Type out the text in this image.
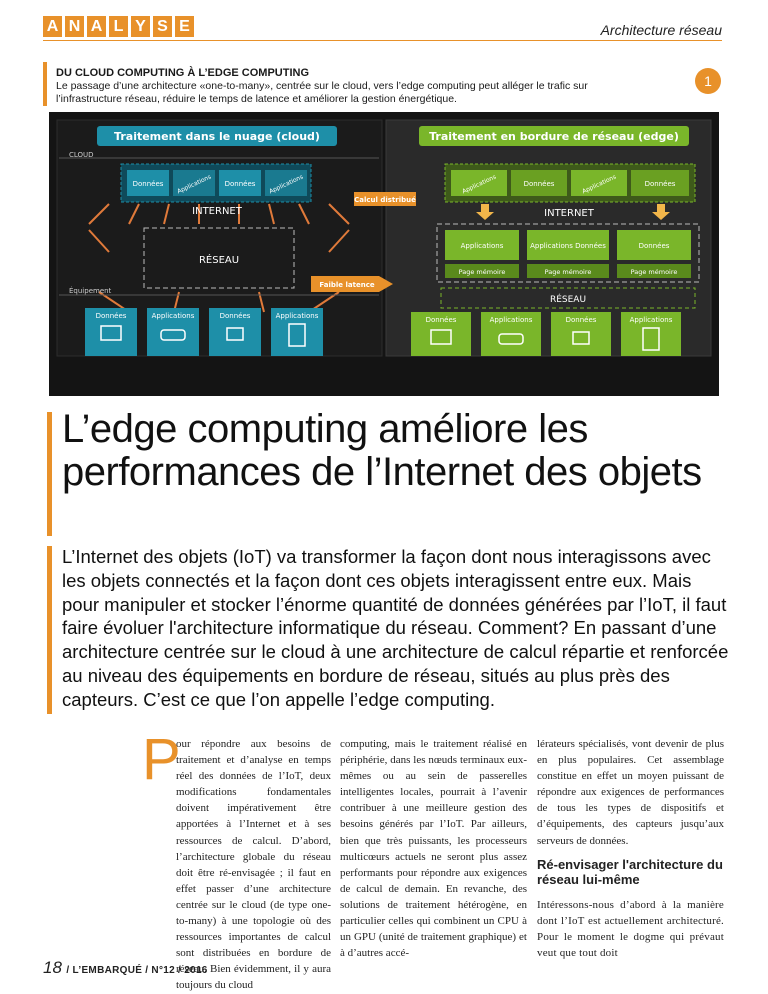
A N A L Y S E	Architecture réseau
DU CLOUD COMPUTING À L’EDGE COMPUTING
Le passage d’une architecture «one-to-many», centrée sur le cloud, vers l’edge computing peut alléger le trafic sur l’infrastructure réseau, réduire le temps de latence et améliorer la gestion énergétique.
1
Traitement dans le nuage (cloud)	Traitement en bordure de réseau (edge)
CLOUD
Données Applications Données Applications
INTERNET
RÉSEAU
Équipement
Calcul distribué
Faible latence
Données	Applications	Données	Applications
Applications	Données	Applications	Données
INTERNET
Applications	Applications Données	Données
Page mémoire	Page mémoire	Page mémoire
RÉSEAU
Données	Applications	Données	Applications
L’edge computing améliore les performances de l’Internet des objets

L’Internet des objets (IoT) va transformer la façon dont nous interagissons avec les objets connectés et la façon dont ces objets interagissent entre eux. Mais pour manipuler et stocker l’énorme quantité de données générées par l’IoT, il faut faire évoluer l'architecture informatique du réseau. Comment? En passant d’une architecture centrée sur le cloud à une architecture de calcul répartie et renforcée au niveau des équipements en bordure de réseau, situés au plus près des capteurs. C’est ce que l’on appelle l’edge computing.

P

our répondre aux besoins de traitement et d’analyse en temps réel des données de l’IoT, deux modifications fondamentales doivent impérativement être apportées à l’Internet et à ses ressources de calcul. D’abord, l’architecture globale du réseau doit être ré-envisagée ; il faut en effet passer d’une architecture centrée sur le cloud (de type one-to-many) à une topologie où des ressources importantes de calcul sont distribuées en bordure de réseau. Bien évidemment, il y aura toujours du cloud

computing, mais le traitement réalisé en périphérie, dans les nœuds terminaux eux-mêmes ou au sein de passerelles intelligentes locales, pourrait à l’avenir contribuer à une meilleure gestion des besoins générés par l’IoT. Par ailleurs, bien que très puissants, les processeurs multicœurs actuels ne seront plus assez performants pour répondre aux exigences de calcul de demain. En revanche, des solutions de traitement hétérogène, en particulier celles qui combinent un CPU à un GPU (unité de traitement graphique) et à d’autres accé-

lérateurs spécialisés, vont devenir de plus en plus populaires. Cet assemblage constitue en effet un moyen puissant de répondre aux exigences de performances de tous les types de dispositifs et d’équipements, des capteurs jusqu’aux serveurs de données.

Ré-envisager l'architecture du réseau lui-même

Intéressons-nous d’abord à la manière dont l’IoT est actuellement architecturé. Pour le moment le dogme qui prévaut veut que tout doit

18 / L’EMBARQUÉ / N°12 / 2016
